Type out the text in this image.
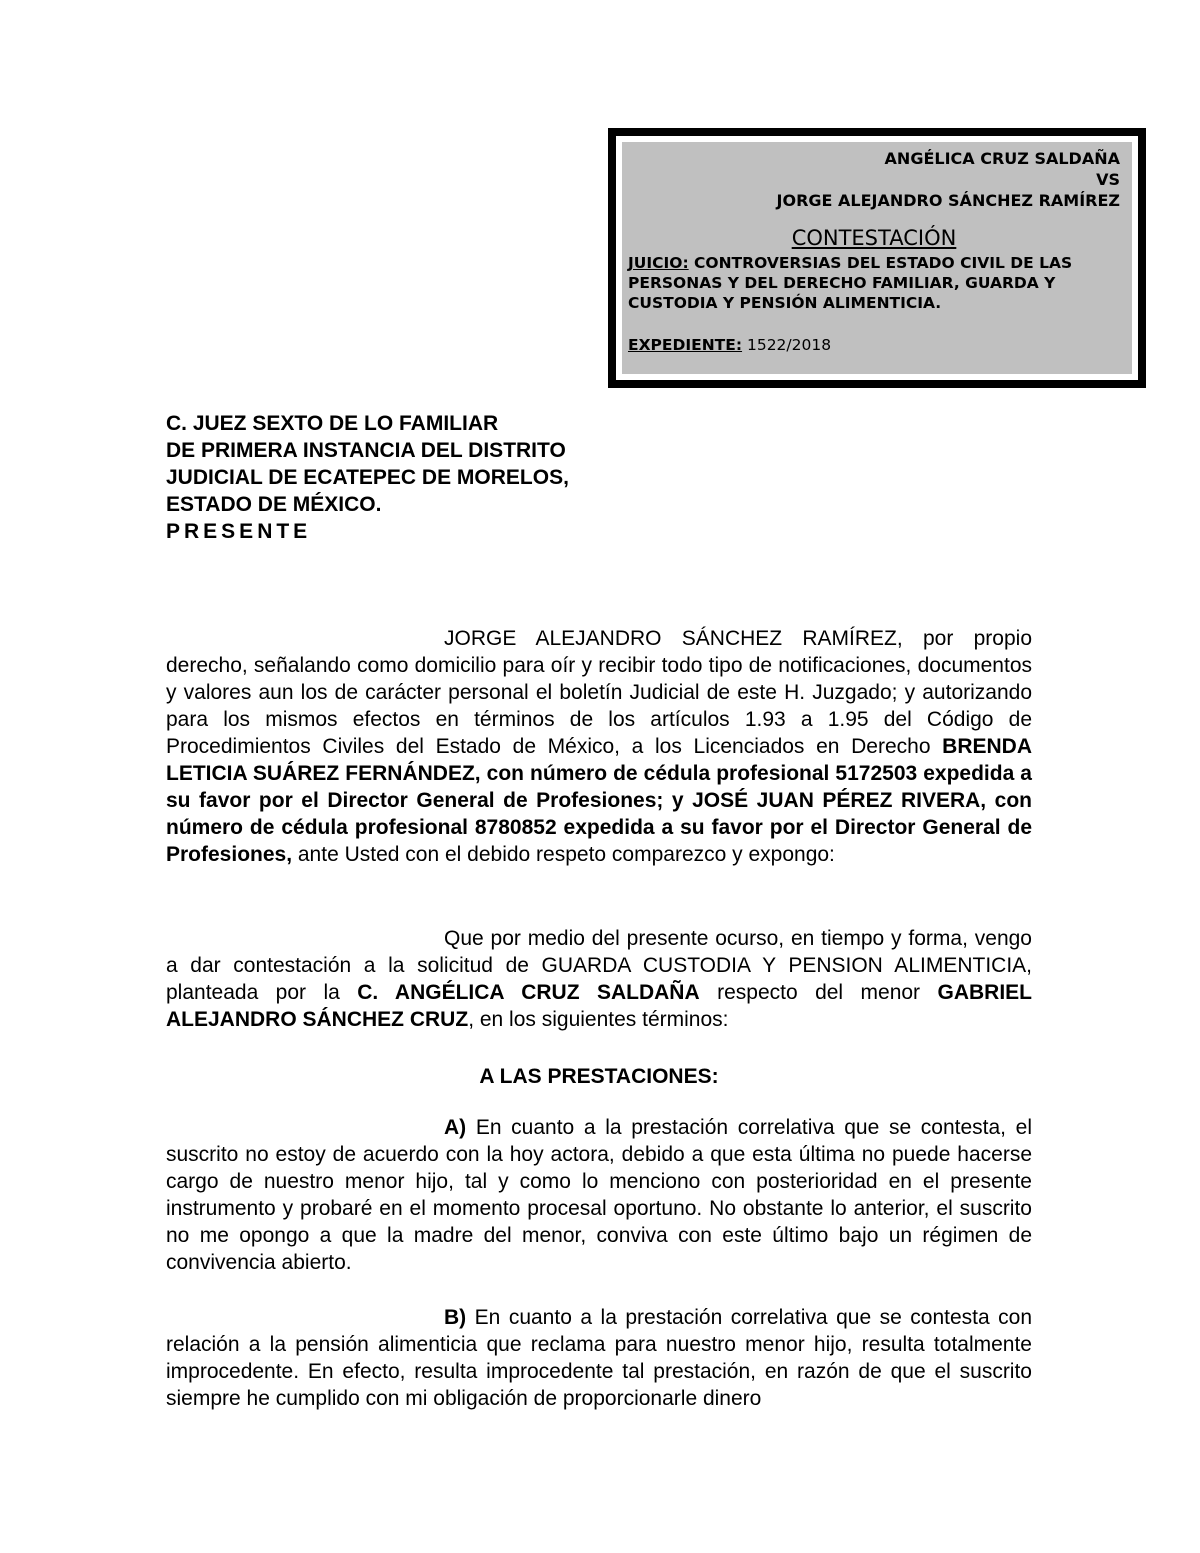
ANGÉLICA CRUZ SALDAÑA
VS
JORGE ALEJANDRO SÁNCHEZ RAMÍREZ
CONTESTACIÓN
JUICIO: CONTROVERSIAS DEL ESTADO CIVIL DE LAS PERSONAS Y DEL DERECHO FAMILIAR, GUARDA Y CUSTODIA Y PENSIÓN ALIMENTICIA.
EXPEDIENTE: 1522/2018
C. JUEZ SEXTO DE LO FAMILIAR
DE PRIMERA INSTANCIA DEL DISTRITO
JUDICIAL DE ECATEPEC DE MORELOS,
ESTADO DE MÉXICO.
PRESENTE
JORGE ALEJANDRO SÁNCHEZ RAMÍREZ, por propio derecho, señalando como domicilio para oír y recibir todo tipo de notificaciones, documentos y valores aun los de carácter personal el boletín Judicial de este H. Juzgado; y autorizando para los mismos efectos en términos de los artículos 1.93 a 1.95 del Código de Procedimientos Civiles del Estado de México, a los Licenciados en Derecho BRENDA LETICIA SUÁREZ FERNÁNDEZ, con número de cédula profesional 5172503 expedida a su favor por el Director General de Profesiones; y JOSÉ JUAN PÉREZ RIVERA, con número de cédula profesional 8780852 expedida a su favor por el Director General de Profesiones, ante Usted con el debido respeto comparezco y expongo:
Que por medio del presente ocurso, en tiempo y forma, vengo a dar contestación a la solicitud de GUARDA CUSTODIA Y PENSION ALIMENTICIA, planteada por la C. ANGÉLICA CRUZ SALDAÑA respecto del menor GABRIEL ALEJANDRO SÁNCHEZ CRUZ, en los siguientes términos:
A LAS PRESTACIONES:
A) En cuanto a la prestación correlativa que se contesta, el suscrito no estoy de acuerdo con la hoy actora, debido a que esta última no puede hacerse cargo de nuestro menor hijo, tal y como lo menciono con posterioridad en el presente instrumento y probaré en el momento procesal oportuno. No obstante lo anterior, el suscrito no me opongo a que la madre del menor, conviva con este último bajo un régimen de convivencia abierto.
B) En cuanto a la prestación correlativa que se contesta con relación a la pensión alimenticia que reclama para nuestro menor hijo, resulta totalmente improcedente. En efecto, resulta improcedente tal prestación, en razón de que el suscrito siempre he cumplido con mi obligación de proporcionarle dinero
